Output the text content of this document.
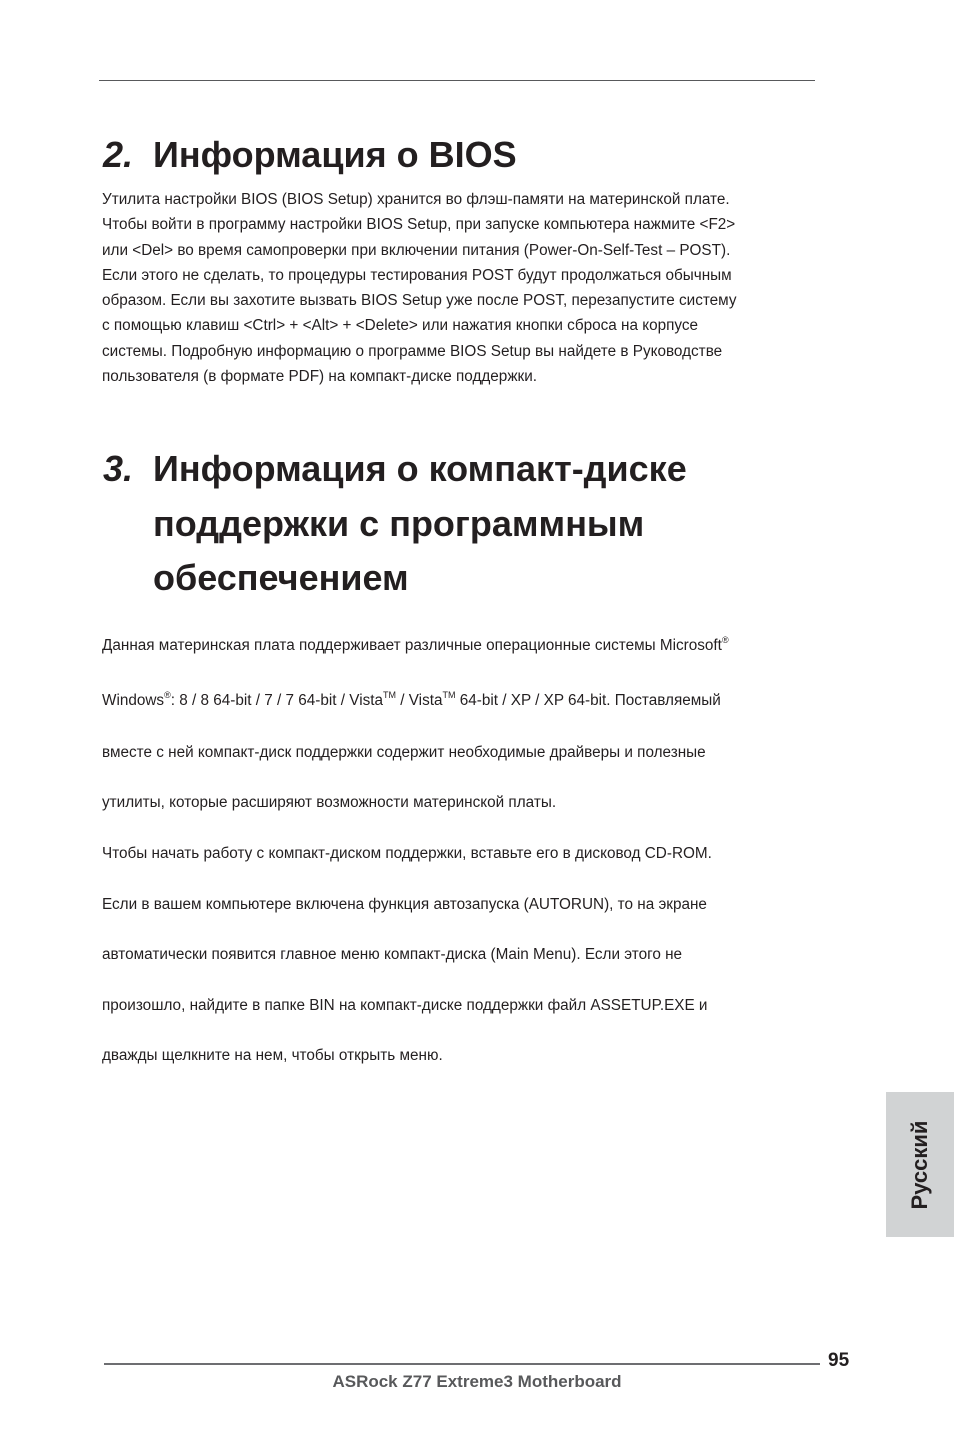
2. Информация о BIOS

Утилита настройки BIOS (BIOS Setup) хранится во флэш-памяти на материнской плате.
Чтобы войти в программу настройки BIOS Setup, при запуске компьютера нажмите <F2>
или <Del> во время самопроверки при включении питания (Power-On-Self-Test – POST).
Если этого не сделать, то процедуры тестирования POST будут продолжаться обычным
образом. Если вы захотите вызвать BIOS Setup уже после POST, перезапустите систему
с помощью клавиш <Ctrl> + <Alt> + <Delete> или нажатия кнопки сброса на корпусе
системы. Подробную информацию о программе BIOS Setup вы найдете в Руководстве
пользователя (в формате PDF) на компакт-диске поддержки.

3. Информация о компакт-диске поддержки с программным обеспечением

Данная материнская плата поддерживает различные операционные системы Microsoft®

Windows®: 8 / 8 64-bit / 7 / 7 64-bit / Vista™ / Vista™ 64-bit / XP / XP 64-bit. Поставляемый

вместе с ней компакт-диск поддержки содержит необходимые драйверы и полезные

утилиты, которые расширяют возможности материнской платы.

Чтобы начать работу с компакт-диском поддержки, вставьте его в дисковод CD-ROM.

Если в вашем компьютере включена функция автозапуска (AUTORUN), то на экране

автоматически появится главное меню компакт-диска (Main Menu). Если этого не

произошло, найдите в папке BIN на компакт-диске поддержки файл ASSETUP.EXE и

дважды щелкните на нем, чтобы открыть меню.

Русский
95
ASRock Z77 Extreme3 Motherboard
